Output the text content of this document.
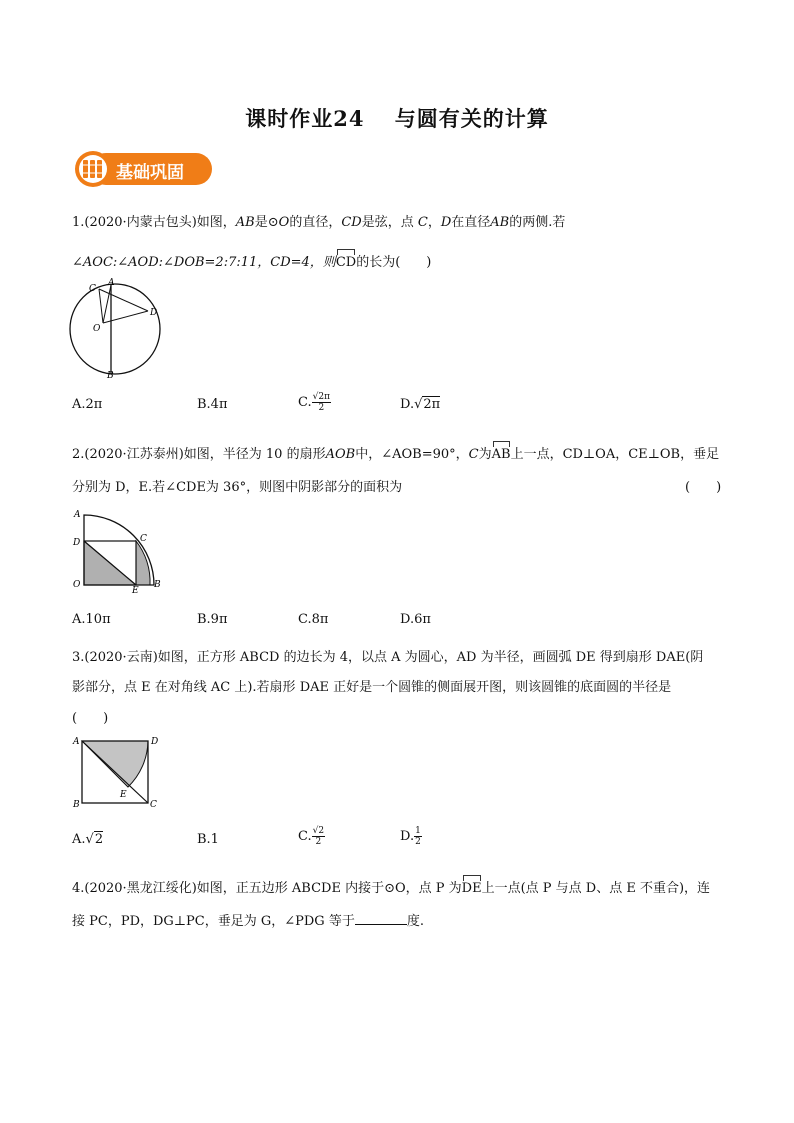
课时作业24　 与圆有关的计算
基础巩固
1.(2020·内蒙古包头)如图，AB是⊙O的直径，CD是弦，点 C，D在直径AB的两侧.若
∠AOC:∠AOD:∠DOB=2:7:11，CD=4，则
CD的长为(　　)
A
C
D
O
B
A.2π	B.4π	C. $\frac{√2\pi}{2}$	D.√2π
2.(2020·江苏泰州)如图，半径为 10 的扇形AOB中，∠AOB=90°，C为
AB上一点，CD⊥OA，CE⊥OB，垂足
分别为 D，E.若∠CDE为 36°，则图中阴影部分的面积为	(　　)
A
D	C
O
E
B
A.10π	B.9π	C.8π	D.6π
3.(2020·云南)如图，正方形 ABCD 的边长为 4，以点 A 为圆心，AD 为半径，画圆弧 DE 得到扇形 DAE(阴
影部分，点 E 在对角线 AC 上).若扇形 DAE 正好是一个圆锥的侧面展开图，则该圆锥的底面圆的半径是
(　　)
A	D
B	C
E
A.√2	B.1	C. $\frac{√2}{2}$	D. $\frac{1}{2}$
4.(2020·黑龙江绥化)如图，正五边形 ABCDE 内接于⊙O，点 P 为
DE上一点(点 P 与点 D、点 E 不重合)，连
接 PC，PD，DG⊥PC，垂足为 G，∠PDG 等于	度.
